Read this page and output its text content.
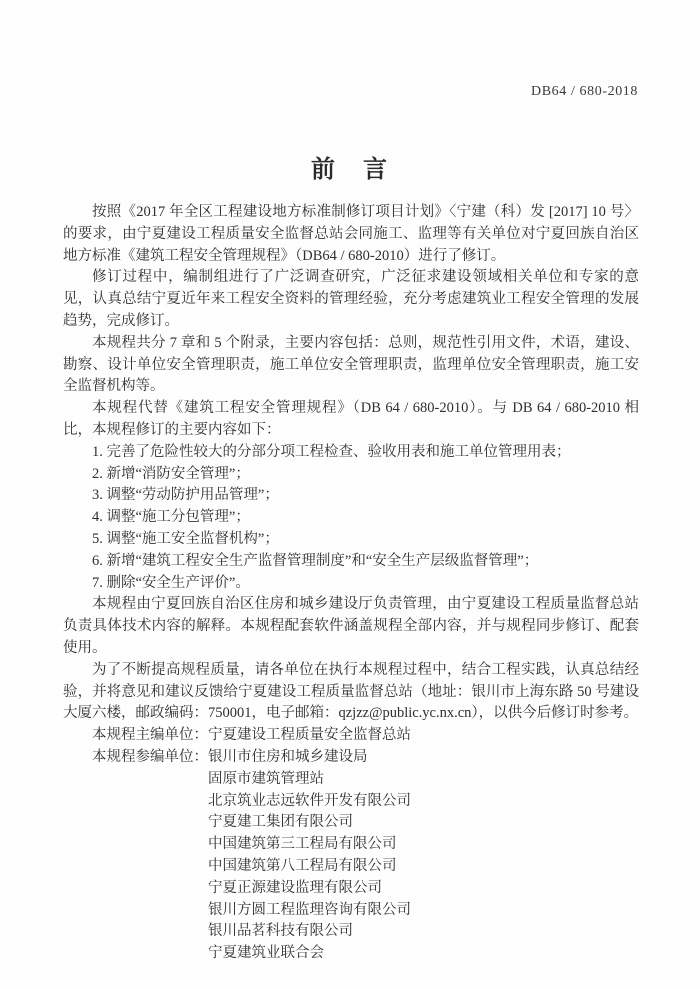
DB64 / 680-2018
前　言

按照《2017 年全区工程建设地方标准制修订项目计划》〈宁建（科）发 [2017] 10 号〉的要求，由宁夏建设工程质量安全监督总站会同施工、监理等有关单位对宁夏回族自治区地方标准《建筑工程安全管理规程》（DB64 / 680-2010）进行了修订。

修订过程中，编制组进行了广泛调查研究，广泛征求建设领域相关单位和专家的意见，认真总结宁夏近年来工程安全资料的管理经验，充分考虑建筑业工程安全管理的发展趋势，完成修订。

本规程共分 7 章和 5 个附录，主要内容包括：总则，规范性引用文件，术语，建设、勘察、设计单位安全管理职责，施工单位安全管理职责，监理单位安全管理职责，施工安全监督机构等。

本规程代替《建筑工程安全管理规程》（DB 64 / 680-2010）。与 DB 64 / 680-2010 相比，本规程修订的主要内容如下：

1. 完善了危险性较大的分部分项工程检查、验收用表和施工单位管理用表；

2. 新增“消防安全管理”；

3. 调整“劳动防护用品管理”；

4. 调整“施工分包管理”；

5. 调整“施工安全监督机构”；

6. 新增“建筑工程安全生产监督管理制度”和“安全生产层级监督管理”；

7. 删除“安全生产评价”。

本规程由宁夏回族自治区住房和城乡建设厅负责管理，由宁夏建设工程质量监督总站负责具体技术内容的解释。本规程配套软件涵盖规程全部内容，并与规程同步修订、配套使用。

为了不断提高规程质量，请各单位在执行本规程过程中，结合工程实践，认真总结经验，并将意见和建议反馈给宁夏建设工程质量监督总站（地址：银川市上海东路 50 号建设大厦六楼，邮政编码：750001，电子邮箱：qzjzz@public.yc.nx.cn），以供今后修订时参考。

本规程主编单位：宁夏建设工程质量安全监督总站
本规程参编单位： 银川市住房和城乡建设局
固原市建筑管理站
北京筑业志远软件开发有限公司
宁夏建工集团有限公司
中国建筑第三工程局有限公司
中国建筑第八工程局有限公司
宁夏正源建设监理有限公司
银川方圆工程监理咨询有限公司
银川品茗科技有限公司
宁夏建筑业联合会
